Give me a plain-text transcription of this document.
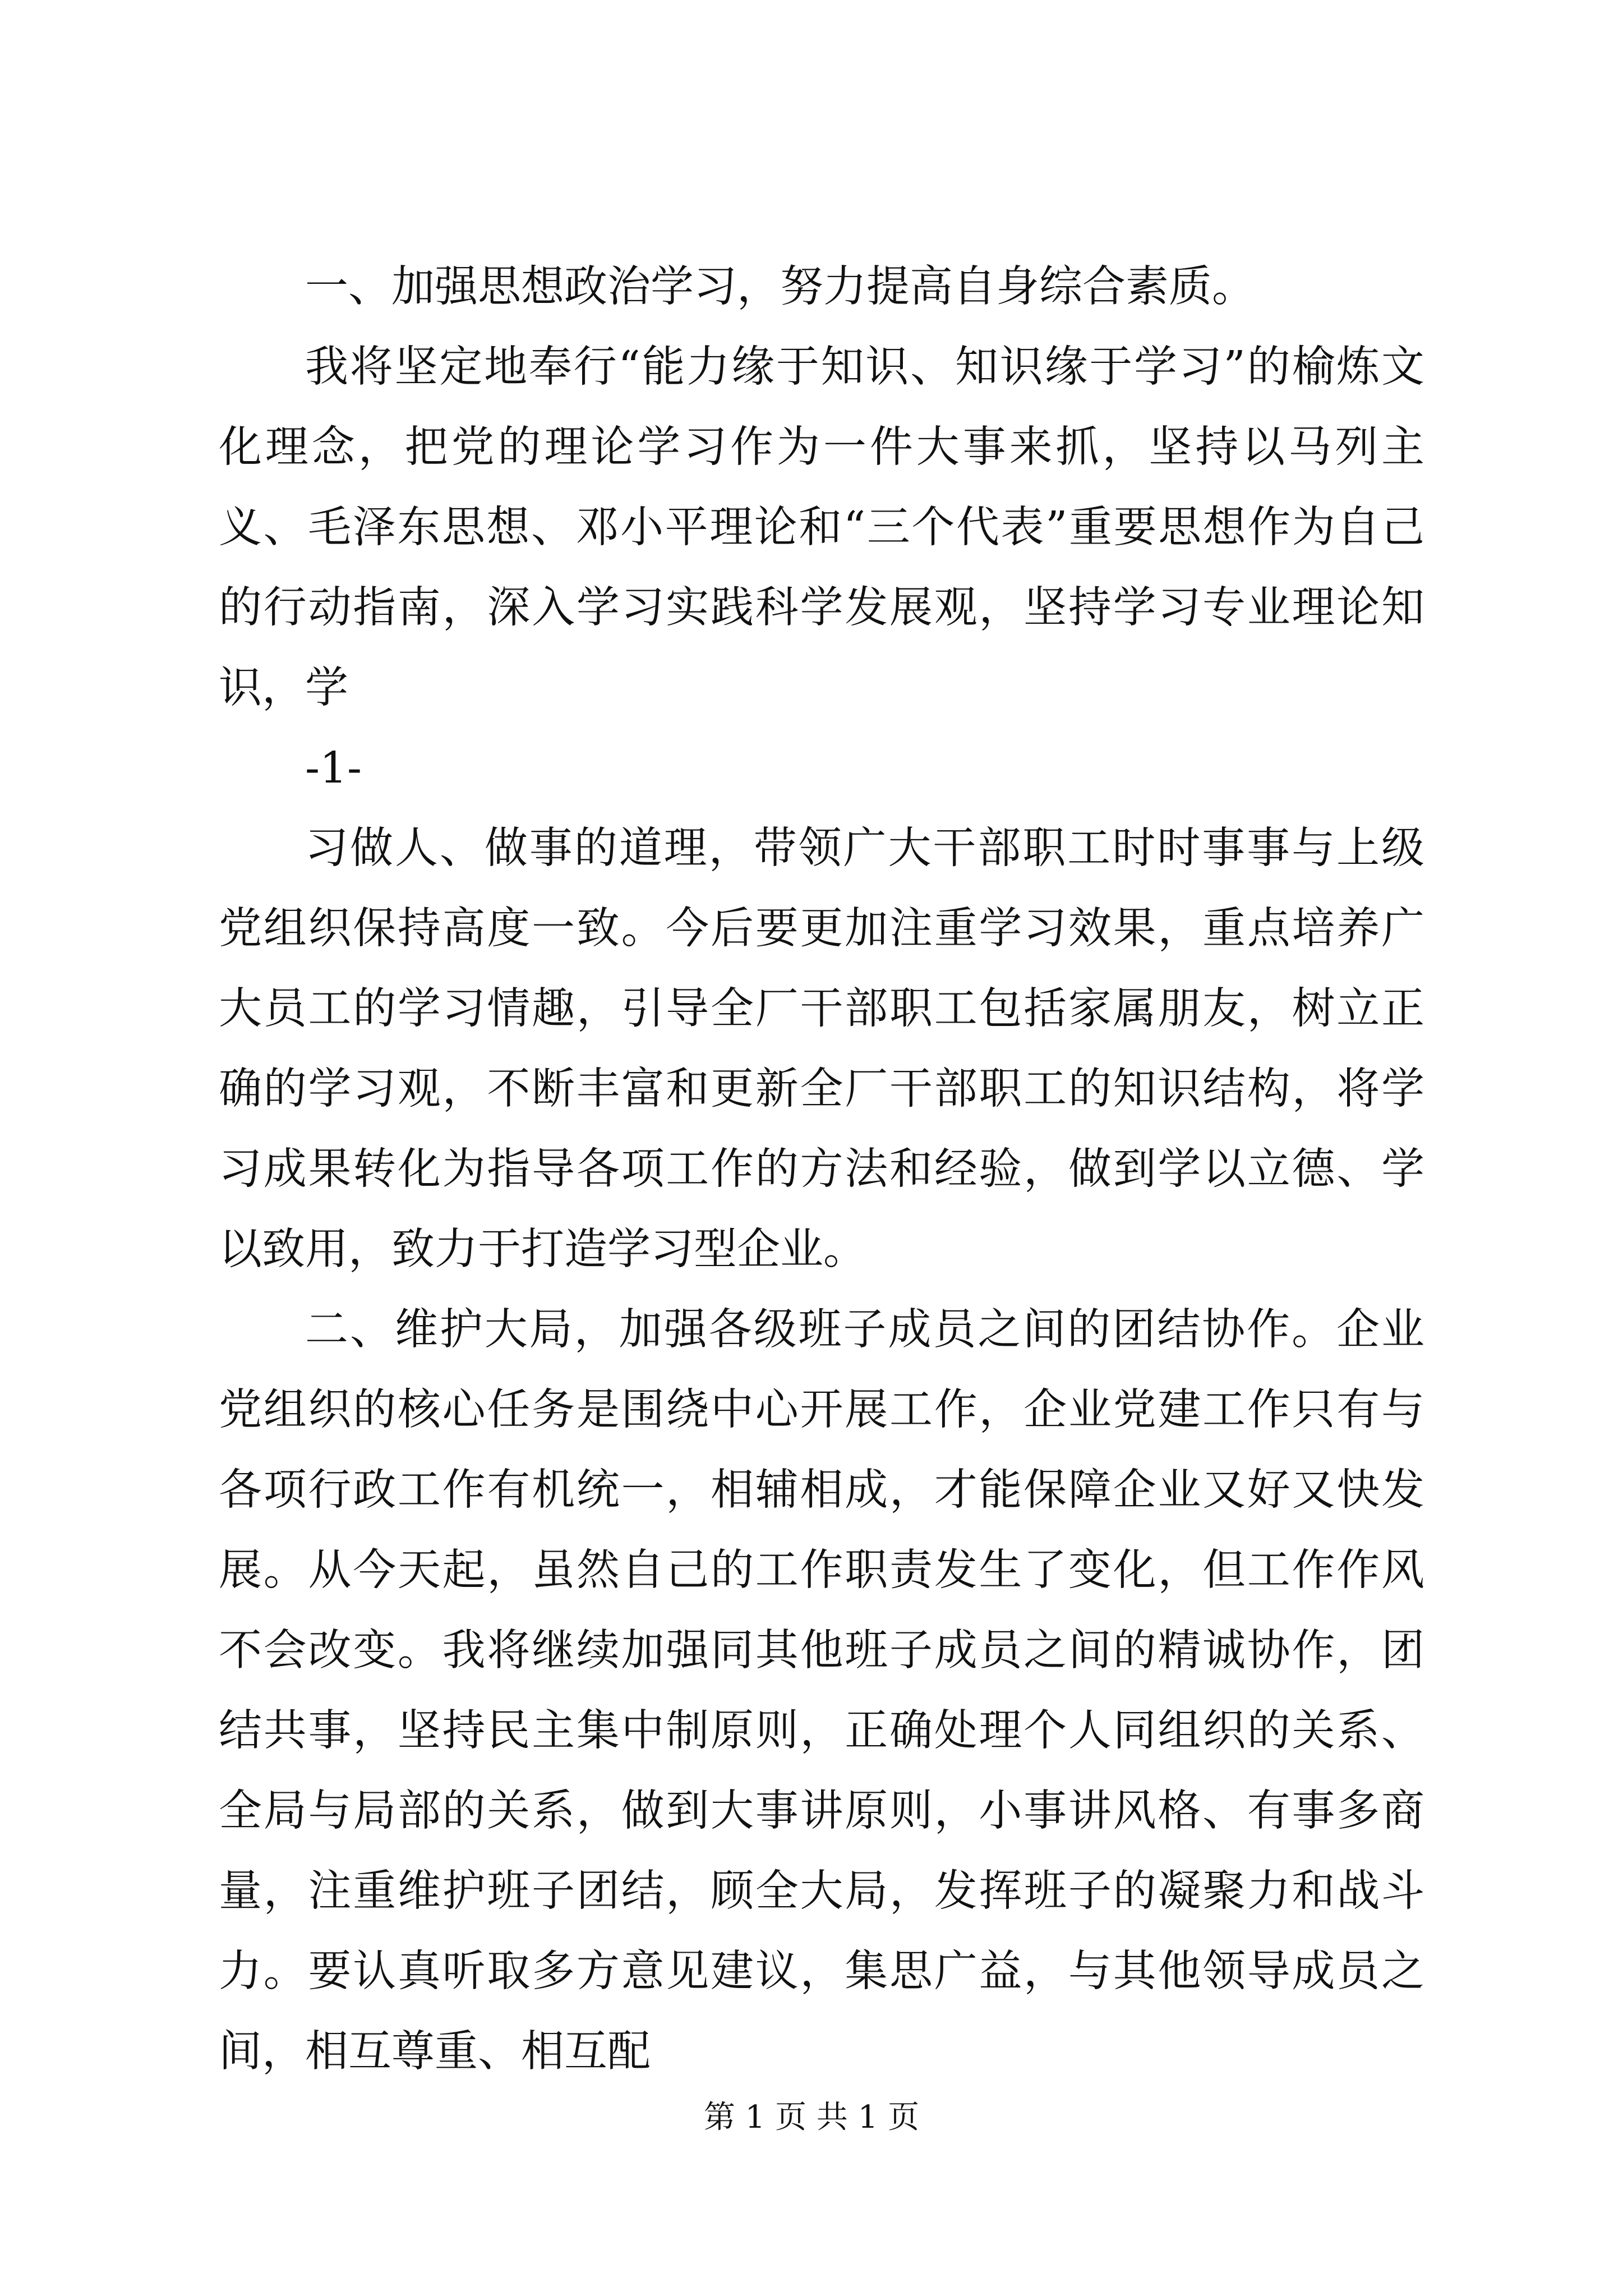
一、加强思想政治学习，努力提高自身综合素质。

我将坚定地奉行“能力缘于知识、知识缘于学习”的榆炼文化理念，把党的理论学习作为一件大事来抓，坚持以马列主义、毛泽东思想、邓小平理论和“三个代表”重要思想作为自己的行动指南，深入学习实践科学发展观，坚持学习专业理论知识，学

-1-

习做人、做事的道理，带领广大干部职工时时事事与上级党组织保持高度一致。今后要更加注重学习效果，重点培养广大员工的学习情趣，引导全厂干部职工包括家属朋友，树立正确的学习观，不断丰富和更新全厂干部职工的知识结构，将学习成果转化为指导各项工作的方法和经验，做到学以立德、学以致用，致力于打造学习型企业。

二、维护大局，加强各级班子成员之间的团结协作。企业党组织的核心任务是围绕中心开展工作，企业党建工作只有与各项行政工作有机统一，相辅相成，才能保障企业又好又快发展。从今天起，虽然自己的工作职责发生了变化，但工作作风不会改变。我将继续加强同其他班子成员之间的精诚协作，团结共事，坚持民主集中制原则，正确处理个人同组织的关系、全局与局部的关系，做到大事讲原则，小事讲风格、有事多商量，注重维护班子团结，顾全大局，发挥班子的凝聚力和战斗力。要认真听取多方意见建议，集思广益，与其他领导成员之间，相互尊重、相互配

第 1 页 共 1 页
